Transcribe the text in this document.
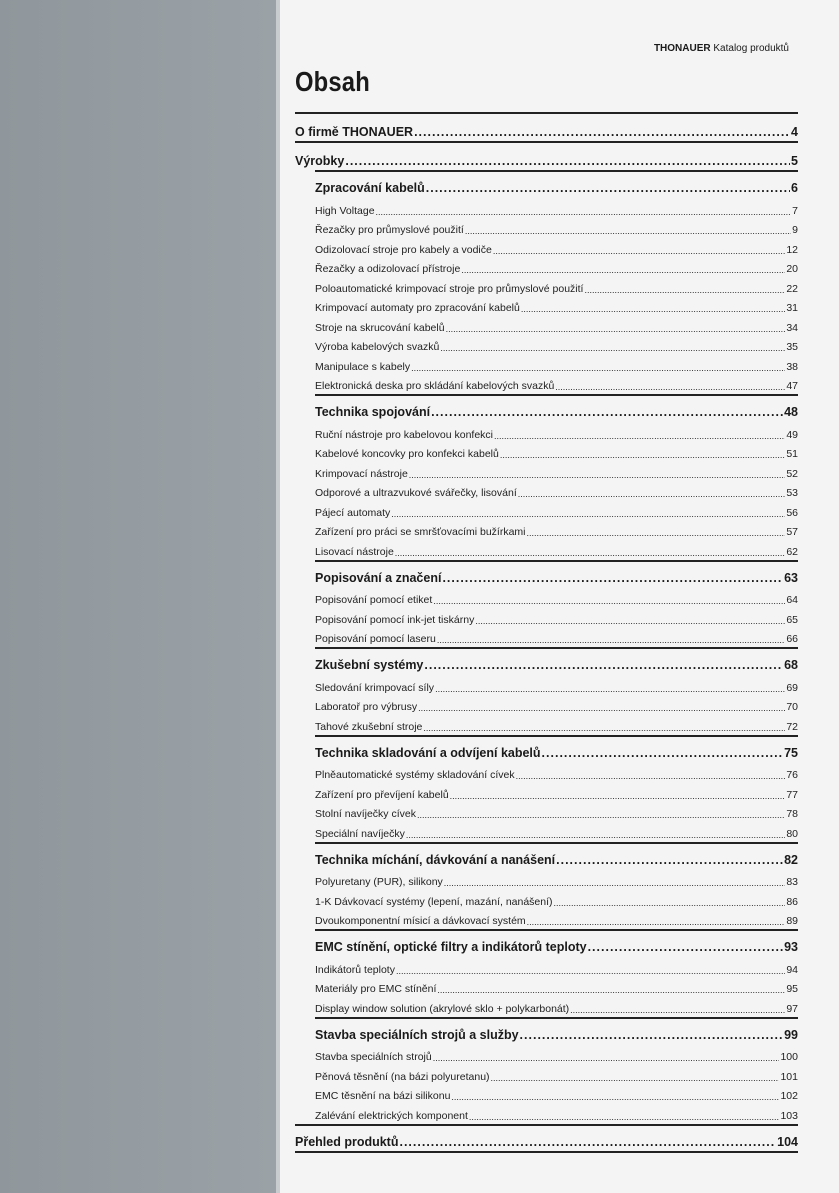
THONAUER Katalog produktů
Obsah
O firmě THONAUER .....	4
Výrobky .....	5
Zpracování kabelů .....	6
High Voltage .....	7
Řezačky pro průmyslové použití .....	9
Odizolovací stroje pro kabely a vodiče .....	12
Řezačky a odizolovací přístroje .....	20
Poloautomatické krimpovací stroje pro průmyslové použití .....	22
Krimpovací automaty pro zpracování kabelů .....	31
Stroje na skrucování kabelů .....	34
Výroba kabelových svazků .....	35
Manipulace s kabely .....	38
Elektronická deska pro skládání kabelových svazků .....	47
Technika spojování .....	48
Ruční nástroje pro kabelovou konfekci .....	49
Kabelové koncovky pro konfekci kabelů .....	51
Krimpovací nástroje .....	52
Odporové a ultrazvukové svářečky, lisování .....	53
Pájecí automaty .....	56
Zařízení pro práci se smršťovacími bužírkami .....	57
Lisovací nástroje .....	62
Popisování a značení .....	63
Popisování pomocí etiket .....	64
Popisování pomocí ink-jet tiskárny .....	65
Popisování pomocí laseru .....	66
Zkušební systémy .....	68
Sledování krimpovací síly .....	69
Laboratoř pro výbrusy .....	70
Tahové zkušební stroje .....	72
Technika skladování a odvíjení kabelů .....	75
Plněautomatické systémy skladování cívek .....	76
Zařízení pro převíjení kabelů .....	77
Stolní navíječky cívek .....	78
Speciální navíječky .....	80
Technika míchání, dávkování a nanášení .....	82
Polyuretany (PUR), silikony .....	83
1-K Dávkovací systémy (lepení, mazání, nanášení) .....	86
Dvoukomponentní mísicí a dávkovací systém .....	89
EMC stínění, optické filtry a indikátorů teploty .....	93
Indikátorů teploty .....	94
Materiály pro EMC stínění .....	95
Display window solution (akrylové sklo + polykarbonát) .....	97
Stavba speciálních strojů a služby .....	99
Stavba speciálních strojů .....	100
Pěnová těsnění (na bázi polyuretanu) .....	101
EMC těsnění na bázi silikonu .....	102
Zalévání elektrických komponent .....	103
Přehled produktů .....	104
